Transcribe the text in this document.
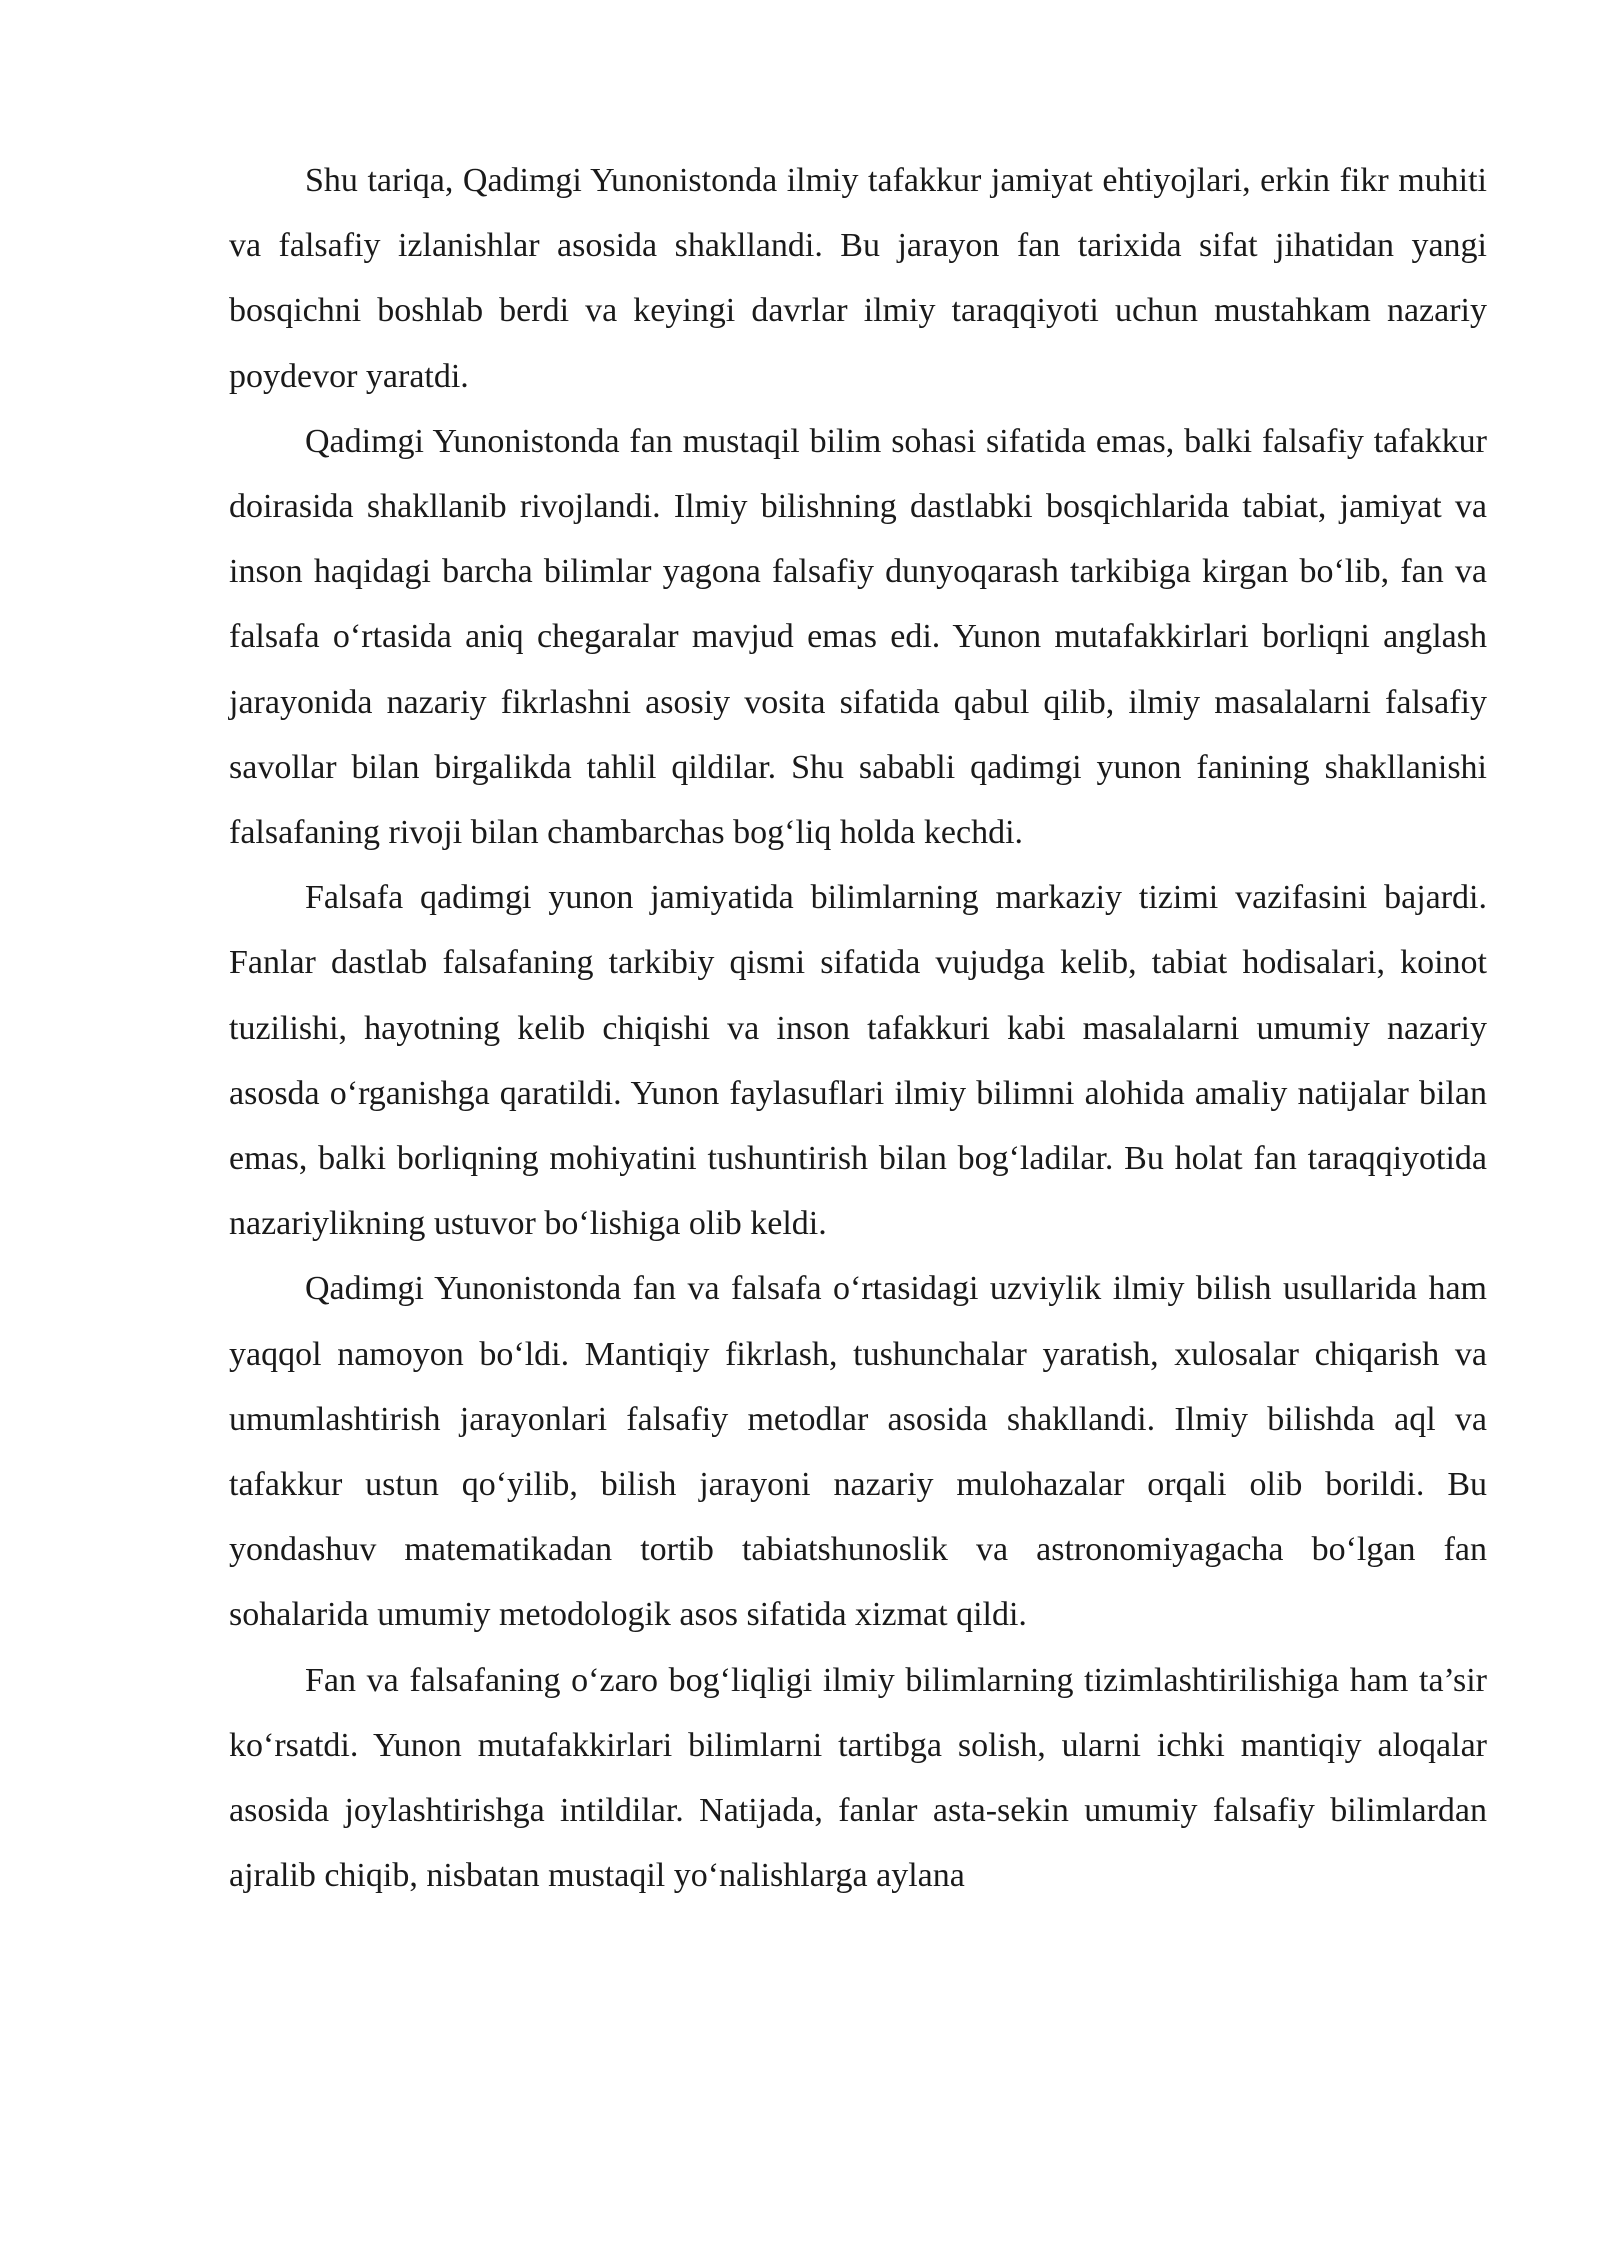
Shu tariqa, Qadimgi Yunonistonda ilmiy tafakkur jamiyat ehtiyojlari, erkin fikr muhiti va falsafiy izlanishlar asosida shakllandi. Bu jarayon fan tarixida sifat jihatidan yangi bosqichni boshlab berdi va keyingi davrlar ilmiy taraqqiyoti uchun mustahkam nazariy poydevor yaratdi.

Qadimgi Yunonistonda fan mustaqil bilim sohasi sifatida emas, balki falsafiy tafakkur doirasida shakllanib rivojlandi. Ilmiy bilishning dastlabki bosqichlarida tabiat, jamiyat va inson haqidagi barcha bilimlar yagona falsafiy dunyoqarash tarkibiga kirgan bo‘lib, fan va falsafa o‘rtasida aniq chegaralar mavjud emas edi. Yunon mutafakkirlari borliqni anglash jarayonida nazariy fikrlashni asosiy vosita sifatida qabul qilib, ilmiy masalalarni falsafiy savollar bilan birgalikda tahlil qildilar. Shu sababli qadimgi yunon fanining shakllanishi falsafaning rivoji bilan chambarchas bog‘liq holda kechdi.

Falsafa qadimgi yunon jamiyatida bilimlarning markaziy tizimi vazifasini bajardi. Fanlar dastlab falsafaning tarkibiy qismi sifatida vujudga kelib, tabiat hodisalari, koinot tuzilishi, hayotning kelib chiqishi va inson tafakkuri kabi masalalarni umumiy nazariy asosda o‘rganishga qaratildi. Yunon faylasuflari ilmiy bilimni alohida amaliy natijalar bilan emas, balki borliqning mohiyatini tushuntirish bilan bog‘ladilar. Bu holat fan taraqqiyotida nazariylikning ustuvor bo‘lishiga olib keldi.

Qadimgi Yunonistonda fan va falsafa o‘rtasidagi uzviylik ilmiy bilish usullarida ham yaqqol namoyon bo‘ldi. Mantiqiy fikrlash, tushunchalar yaratish, xulosalar chiqarish va umumlashtirish jarayonlari falsafiy metodlar asosida shakllandi. Ilmiy bilishda aql va tafakkur ustun qo‘yilib, bilish jarayoni nazariy mulohazalar orqali olib borildi. Bu yondashuv matematikadan tortib tabiatshunoslik va astronomiyagacha bo‘lgan fan sohalarida umumiy metodologik asos sifatida xizmat qildi.

Fan va falsafaning o‘zaro bog‘liqligi ilmiy bilimlarning tizimlashtirilishiga ham ta’sir ko‘rsatdi. Yunon mutafakkirlari bilimlarni tartibga solish, ularni ichki mantiqiy aloqalar asosida joylashtirishga intildilar. Natijada, fanlar asta-sekin umumiy falsafiy bilimlardan ajralib chiqib, nisbatan mustaqil yo‘nalishlarga aylana
